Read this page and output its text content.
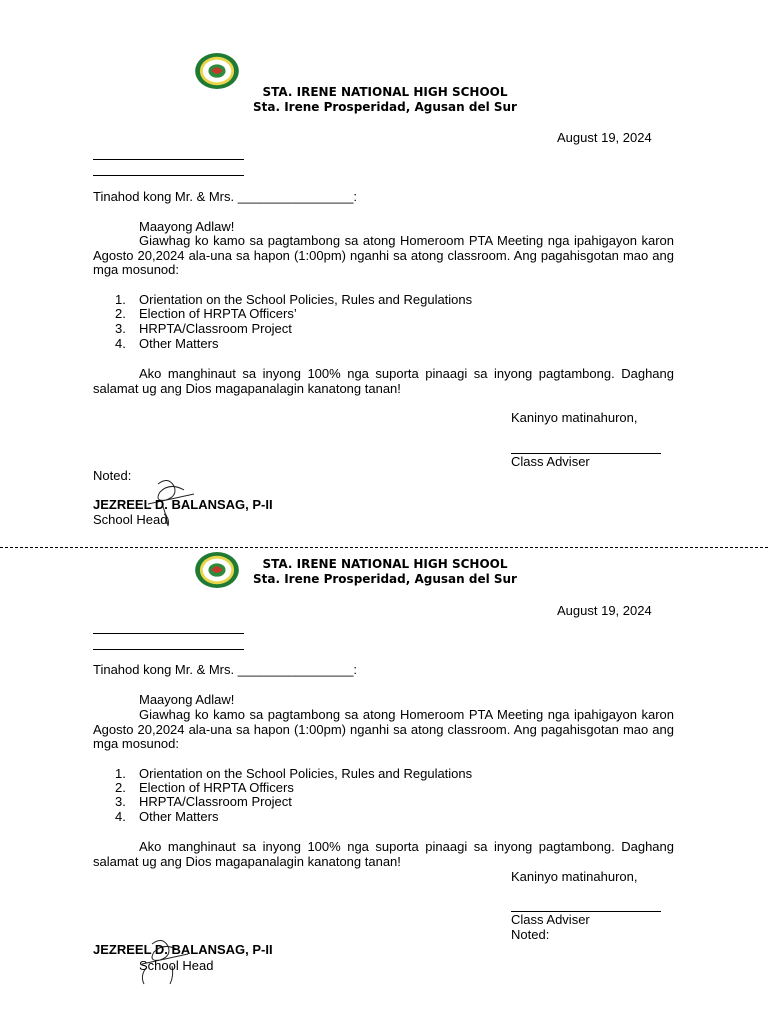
STA. IRENE NATIONAL HIGH SCHOOL
Sta. Irene Prosperidad, Agusan del Sur
August 19, 2024
Tinahod kong Mr. & Mrs. ________________:
Maayong Adlaw!
Giawhag ko kamo sa pagtambong sa atong Homeroom PTA Meeting nga ipahigayon karon Agosto 20,2024 ala-una sa hapon (1:00pm) nganhi sa atong classroom. Ang pagahisgotan mao ang mga mosunod:
1. Orientation on the School Policies, Rules and Regulations
2. Election of HRPTA Officers’
3. HRPTA/Classroom Project
4. Other Matters
Ako manghinaut sa inyong 100% nga suporta pinaagi sa inyong pagtambong. Daghang salamat ug ang Dios magapanalagin kanatong tanan!
Kaninyo matinahuron,
Class Adviser
Noted:
JEZREEL D. BALANSAG, P-II
School Head
STA. IRENE NATIONAL HIGH SCHOOL
Sta. Irene Prosperidad, Agusan del Sur
August 19, 2024
Tinahod kong Mr. & Mrs. ________________:
Maayong Adlaw!
Giawhag ko kamo sa pagtambong sa atong Homeroom PTA Meeting nga ipahigayon karon Agosto 20,2024 ala-una sa hapon (1:00pm) nganhi sa atong classroom. Ang pagahisgotan mao ang mga mosunod:
1. Orientation on the School Policies, Rules and Regulations
2. Election of HRPTA Officers
3. HRPTA/Classroom Project
4. Other Matters
Ako manghinaut sa inyong 100% nga suporta pinaagi sa inyong pagtambong. Daghang salamat ug ang Dios magapanalagin kanatong tanan!
Kaninyo matinahuron,
Class Adviser
Noted:
JEZREEL D. BALANSAG, P-II
School Head
